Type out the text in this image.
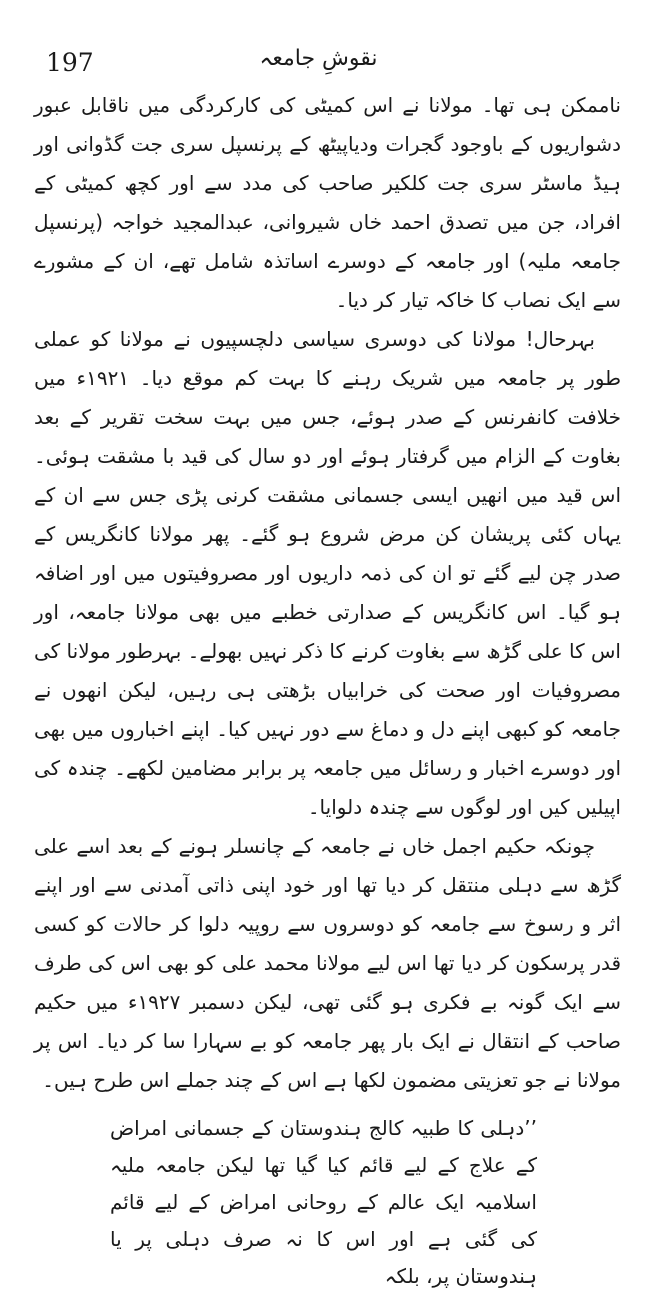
197	نقوشِ جامعہ

ناممکن ہی تھا۔ مولانا نے اس کمیٹی کی کارکردگی میں ناقابل عبور دشواریوں کے باوجود گجرات ودیاپیٹھ کے پرنسپل سری جت گڈوانی اور ہیڈ ماسٹر سری جت کلکیر صاحب کی مدد سے اور کچھ کمیٹی کے افراد، جن میں تصدق احمد خاں شیروانی، عبدالمجید خواجہ (پرنسپل جامعہ ملیہ) اور جامعہ کے دوسرے اساتذہ شامل تھے، ان کے مشورے سے ایک نصاب کا خاکہ تیار کر دیا۔

بہرحال! مولانا کی دوسری سیاسی دلچسپیوں نے مولانا کو عملی طور پر جامعہ میں شریک رہنے کا بہت کم موقع دیا۔ ۱۹۲۱ء میں خلافت کانفرنس کے صدر ہوئے، جس میں بہت سخت تقریر کے بعد بغاوت کے الزام میں گرفتار ہوئے اور دو سال کی قید با مشقت ہوئی۔ اس قید میں انھیں ایسی جسمانی مشقت کرنی پڑی جس سے ان کے یہاں کئی پریشان کن مرض شروع ہو گئے۔ پھر مولانا کانگریس کے صدر چن لیے گئے تو ان کی ذمہ داریوں اور مصروفیتوں میں اور اضافہ ہو گیا۔ اس کانگریس کے صدارتی خطبے میں بھی مولانا جامعہ، اور اس کا علی گڑھ سے بغاوت کرنے کا ذکر نہیں بھولے۔ بہرطور مولانا کی مصروفیات اور صحت کی خرابیاں بڑھتی ہی رہیں، لیکن انھوں نے جامعہ کو کبھی اپنے دل و دماغ سے دور نہیں کیا۔ اپنے اخباروں میں بھی اور دوسرے اخبار و رسائل میں جامعہ پر برابر مضامین لکھے۔ چندہ کی اپیلیں کیں اور لوگوں سے چندہ دلوایا۔

چونکہ حکیم اجمل خاں نے جامعہ کے چانسلر ہونے کے بعد اسے علی گڑھ سے دہلی منتقل کر دیا تھا اور خود اپنی ذاتی آمدنی سے اور اپنے اثر و رسوخ سے جامعہ کو دوسروں سے روپیہ دلوا کر حالات کو کسی قدر پرسکون کر دیا تھا اس لیے مولانا محمد علی کو بھی اس کی طرف سے ایک گونہ بے فکری ہو گئی تھی، لیکن دسمبر ۱۹۲۷ء میں حکیم صاحب کے انتقال نے ایک بار پھر جامعہ کو بے سہارا سا کر دیا۔ اس پر مولانا نے جو تعزیتی مضمون لکھا ہے اس کے چند جملے اس طرح ہیں۔

’’دہلی کا طبیہ کالج ہندوستان کے جسمانی امراض کے علاج کے لیے قائم کیا گیا تھا لیکن جامعہ ملیہ اسلامیہ ایک عالم کے روحانی امراض کے لیے قائم کی گئی ہے اور اس کا نہ صرف دہلی پر یا ہندوستان پر، بلکہ
